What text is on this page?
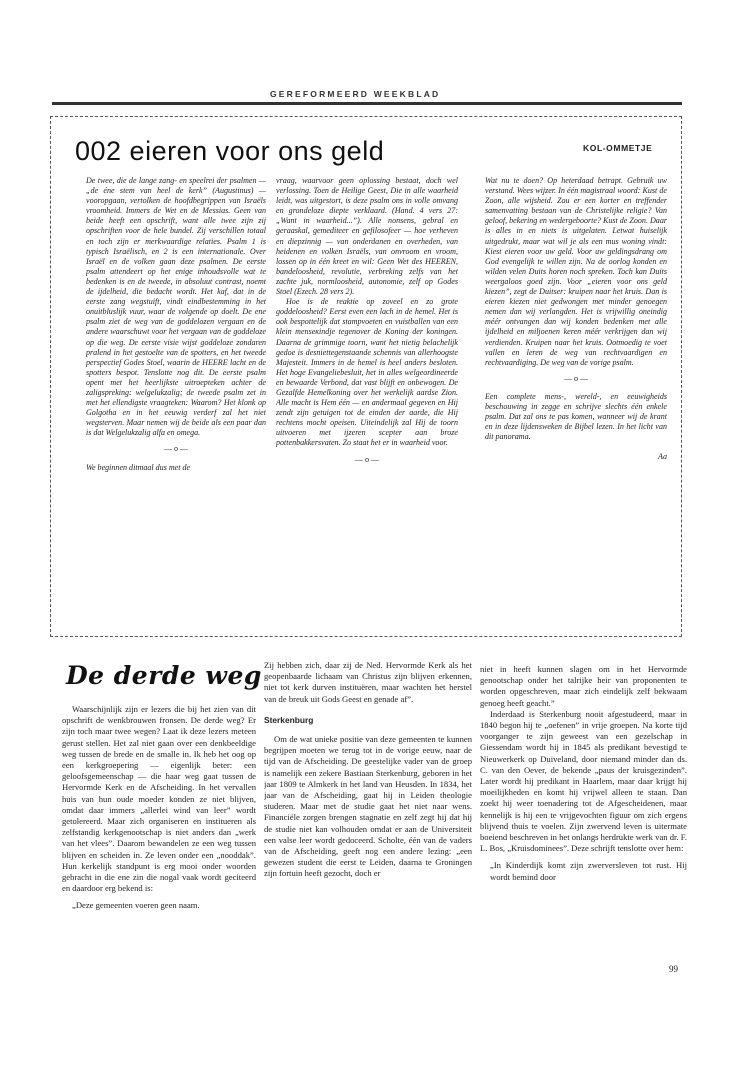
GEREFORMEERD WEEKBLAD
002 eieren voor ons geld	KOL-OMMETJE

De twee, die de lange zang- en speelrei der psalmen — „de éne stem van heel de kerk” (Augustinus) — vooropgaan, vertolken de hoofdbegrippen van Israëls vroomheid. Immers de Wet en de Messias. Geen van beide heeft een opschrift, want alle twee zijn zij opschriften voor de hele bundel. Zij verschillen totaal en toch zijn er merkwaardige relaties. Psalm 1 is typisch Israëlisch, en 2 is een internationale. Over Israël en de volken gaan deze psalmen. De eerste psalm attendeert op het enige inhoudsvolle wat te bedenken is en de tweede, in absoluut contrast, noemt de ijdelheid, die bedacht wordt. Het kaf, dat in de eerste zang wegstuift, vindt eindbestemming in het onuitbluslijk vuur, waar de volgende op doelt. De ene psalm ziet de weg van de goddelozen vergaan en de andere waarschuwt voor het vergaan van de goddeloze op die weg. De eerste visie wijst goddeloze zondaren pralend in het gestoelte van de spotters, en het tweede perspectief Godes Stoel, waarin de HEERE lacht en de spotters bespot. Tenslotte nog dit. De eerste psalm opent met het heerlijkste uitroepteken achter de zaligspreking: welgelukzalig; de tweede psalm zet in met het ellendigste vraagteken: Waarom? Het klonk op Golgotha en in het eeuwig verderf zal het niet wegsterven. Maar nemen wij de beide als een paar dan is dat Welgelukzalig alfa en omega.

— o —

We beginnen ditmaal dus met de

vraag, waarvoor geen oplossing bestaat, doch wel verlossing. Toen de Heilige Geest, Die in alle waarheid leidt, was uitgestort, is deze psalm ons in volle omvang en grondeloze diepte verklaard. (Hand. 4 vers 27: „Want in waarheid...”). Alle nonsens, gebral en geraaskal, gemediteer en gefilosofeer — hoe verheven en diepzinnig — van onderdanen en overheden, van heidenen en volken Israëls, van onvroom en vroom, lossen op in één kreet en wil: Geen Wet des HEEREN, bandeloosheid, revolutie, verbreking zelfs van het zachte juk, normloosheid, autonomie, zelf op Godes Stoel (Ezech. 28 vers 2).

Hoe is de reaktie op zoveel en zo grote goddeloosheid? Eerst even een lach in de hemel. Het is ook bespottelijk dat stampvoeten en vuistballen van een klein menseкindje tegenover de Koning der koningen. Daarna de grimmige toorn, want het nietig belachelijk gedoe is desniettegenstaande schennis van allerhoogste Majesteit. Immers in de hemel is heel anders besloten. Het hoge Evangeliebesluit, het in alles welgeordineerde en bewaarde Verbond, dat vast blijft en onbewogen. De Gezalfde Hemelkoning over het werkelijk aardse Zion. Alle macht is Hem één — en andermaal gegeven en Hij zendt zijn getuigen tot de einden der aarde, die Hij rechtens mocht opeisen. Uiteindelijk zal Hij de toorn uitvoeren met ijzeren scepter aan broze pottenbakkersvaten. Zo staat het er in waarheid voor.

— o —

Wat nu te doen? Op heterdaad betrapt. Gebruik uw verstand. Wees wijzer. In één magistraal woord: Kust de Zoon, alle wijsheid. Zou er een korter en treffender samenvatting bestaan van de Christelijke religie? Van geloof, bekering en wedergeboorte? Kust de Zoon. Daar is alles in en niets is uitgelaten. Letwat huiselijk uitgedrukt, maar wat wil je als een mus woning vindt: Kiest eieren voor uw geld. Voor uw geldingsdrang om God evengelijk te willen zijn. Na de oorlog konden en wilden velen Duits horen noch spreken. Toch kan Duits weergaloos goed zijn. Voor „eieren voor ons geld kiezen”, zegt de Duitser: kruipen naar het kruis. Dan is eieren kiezen niet gedwongen met minder genoegen nemen dan wij verlangden. Het is vrijwillig oneindig méér ontvangen dan wij konden bedenken met alle ijdelheid en miljoenen keren méér verkrijgen dan wij verdienden. Kruipen naar het kruis. Ootmoedig te voet vallen en leren de weg van rechtvaardigen en rechtvaardiging. De weg van de vorige psalm.

— o —

Een complete mens-, wereld-, en eeuwigheids beschouwing in zegge en schrijve slechts één enkele psalm. Dat zal ons te pas komen, wanneer wij de krant en in deze lijdensweken de Bijbel lezen. In het licht van dit panorama.

Aa
De derde weg

Waarschijnlijk zijn er lezers die bij het zien van dit opschrift de wenkbrouwen fronsen. De derde weg? Er zijn toch maar twee wegen? Laat ik deze lezers meteen gerust stellen. Het zal niet gaan over een denkbeeldige weg tussen de brede en de smalle in. Ik heb het oog op een kerkgroepering — eigenlijk beter: een geloofsgemeenschap — die haar weg gaat tussen de Hervormde Kerk en de Afscheiding. In het vervallen huis van hun oude moeder konden ze niet blijven, omdat daar immers „allerlei wind van leer” wordt getolereerd. Maar zich organiseren en institueren als zelfstandig kerkgenootschap is niet anders dan „werk van het vlees”. Daarom bewandelen ze een weg tussen blijven en scheiden in. Ze leven onder een „nooddak”. Hun kerkelijk standpunt is erg mooi onder woorden gebracht in die ene zin die nogal vaak wordt geciteerd en daardoor erg bekend is:

„Deze gemeenten voeren geen naam.

Zij hebben zich, daar zij de Ned. Hervormde Kerk als het geopenbaarde lichaam van Christus zijn blijven erkennen, niet tot kerk durven instituëren, maar wachten het herstel van de breuk uit Gods Geest en genade af”.

Sterkenburg

Om de wat unieke positie van deze gemeenten te kunnen begrijpen moeten we terug tot in de vorige eeuw, naar de tijd van de Afscheiding. De geestelijke vader van de groep is namelijk een zekere Bastiaan Sterkenburg, geboren in het jaar 1809 te Almkerk in het land van Heusden. In 1834, het jaar van de Afscheiding, gaat hij in Leiden theologie studeren. Maar met de studie gaat het niet naar wens. Financiële zorgen brengen stagnatie en zelf zegt hij dat hij de studie niet kan volhouden omdat er aan de Universiteit een valse leer wordt gedoceerd. Scholte, één van de vaders van de Afscheiding, geeft nog een andere lezing: „een gewezen student die eerst te Leiden, daarna te Groningen zijn fortuin heeft gezocht, doch er

niet in heeft kunnen slagen om in het Hervormde genootschap onder het talrijke heir van proponenten te worden opgeschreven, maar zich eindelijk zelf bekwaam genoeg heeft geacht.”

Inderdaad is Sterkenburg nooit afgestudeerd, maar in 1840 begon hij te „oefenen” in vrije groepen. Na korte tijd voorganger te zijn geweest van een gezelschap in Giessendam wordt hij in 1845 als predikant bevestigd te Nieuwerkerk op Duiveland, door niemand minder dan ds. C. van den Oever, de bekende „paus der kruisgezinden”. Later wordt hij predikant in Haarlem, maar daar krijgt hij moeilijkheden en komt hij vrijwel alleen te staan. Dan zoekt hij weer toenadering tot de Afgescheidenen, maar kennelijk is hij een te vrijgevochten figuur om zich ergens blijvend thuis te voelen. Zijn zwervend leven is uitermate boeiend beschreven in het onlangs herdrukte werk van dr. F. L. Bos, „Kruisdominees”. Deze schrijft tenslotte over hem:

„In Kinderdijk komt zijn zwerversleven tot rust. Hij wordt bemind door

99
